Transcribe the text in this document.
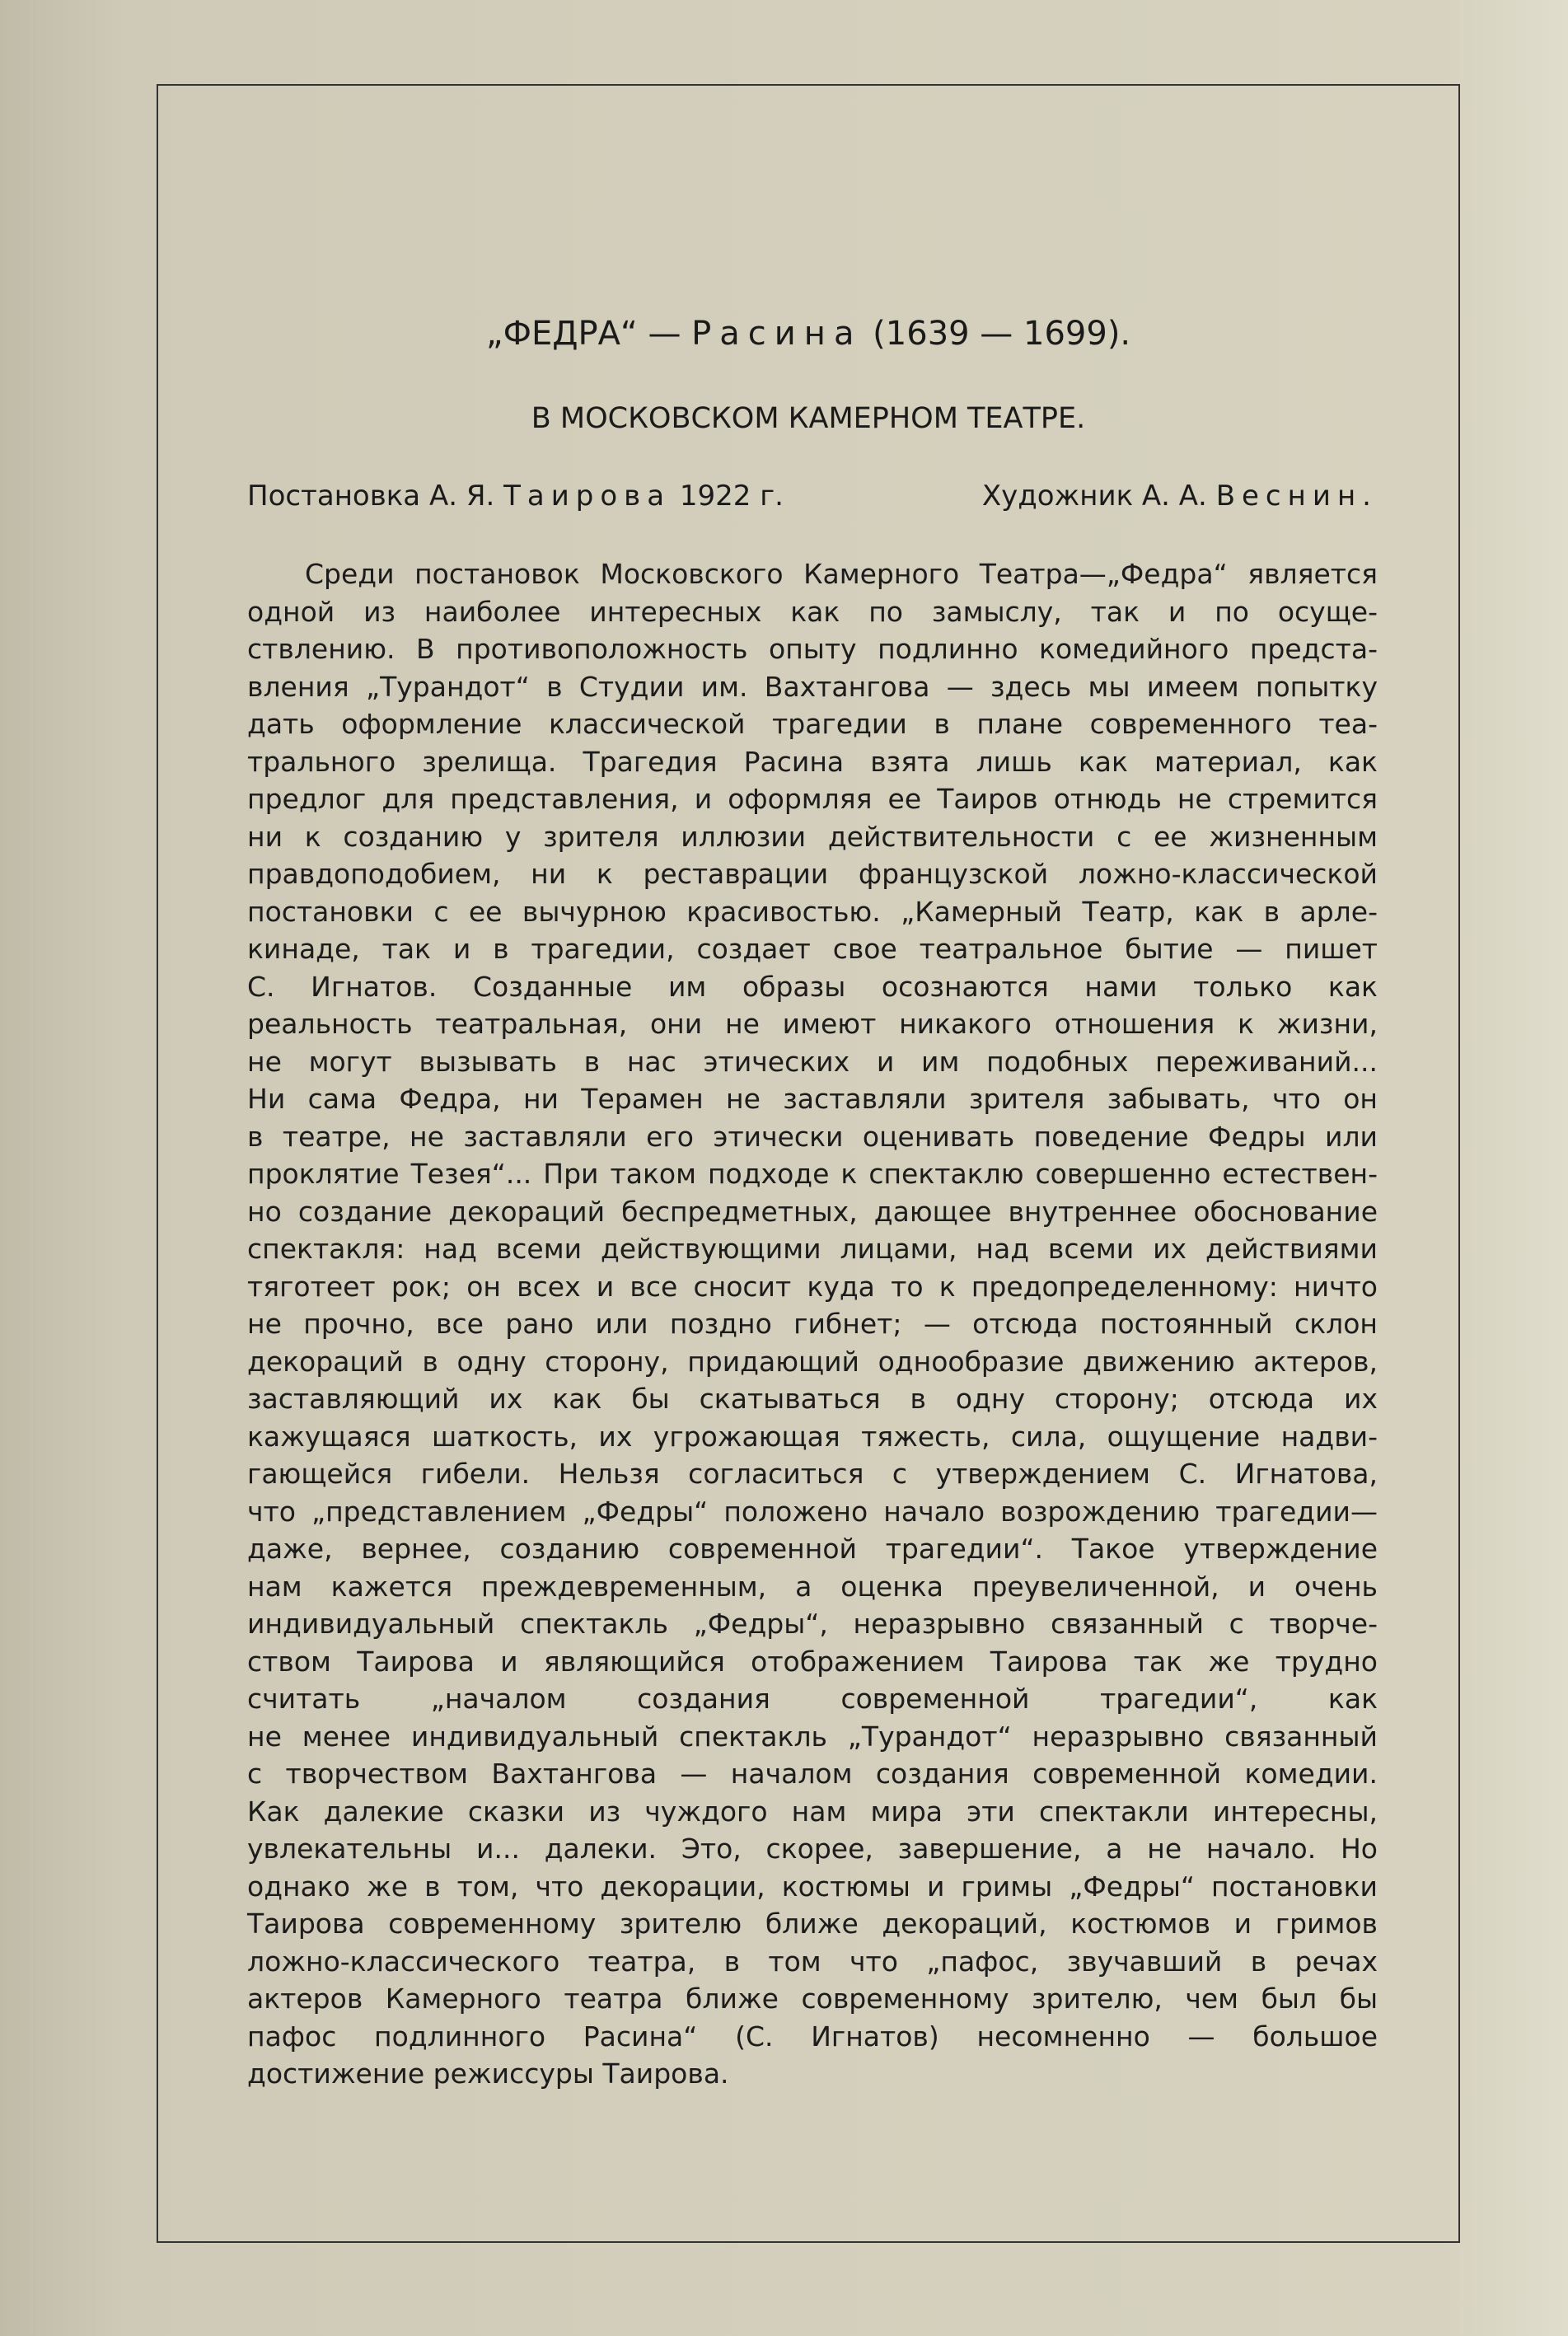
„ФЕДРА“ — Расина (1639 — 1699).
В МОСКОВСКОМ КАМЕРНОМ ТЕАТРЕ.
Постановка А. Я. Таирова 1922 г.	Художник А. А. Веснин.
Среди постановок Московского Камерного Театра—„Федра“ является
одной из наиболее интересных как по замыслу, так и по осуще-
ствлению. В противоположность опыту подлинно комедийного предста-
вления „Турандот“ в Студии им. Вахтангова — здесь мы имеем попытку
дать оформление классической трагедии в плане современного теа-
трального зрелища. Трагедия Расина взята лишь как материал, как
предлог для представления, и оформляя ее Таиров отнюдь не стремится
ни к созданию у зрителя иллюзии действительности с ее жизненным
правдоподобием, ни к реставрации французской ложно-классической
постановки с ее вычурною красивостью. „Камерный Театр, как в арле-
кинаде, так и в трагедии, создает свое театральное бытие — пишет
С. Игнатов. Созданные им образы осознаются нами только как
реальность театральная, они не имеют никакого отношения к жизни,
не могут вызывать в нас этических и им подобных переживаний...
Ни сама Федра, ни Терамен не заставляли зрителя забывать, что он
в театре, не заставляли его этически оценивать поведение Федры или
проклятие Тезея“... При таком подходе к спектаклю совершенно естествен-
но создание декораций беспредметных, дающее внутреннее обоснование
спектакля: над всеми действующими лицами, над всеми их действиями
тяготеет рок; он всех и все сносит куда то к предопределенному: ничто
не прочно, все рано или поздно гибнет; — отсюда постоянный склон
декораций в одну сторону, придающий однообразие движению актеров,
заставляющий их как бы скатываться в одну сторону; отсюда их
кажущаяся шаткость, их угрожающая тяжесть, сила, ощущение надви-
гающейся гибели. Нельзя согласиться с утверждением С. Игнатова,
что „представлением „Федры“ положено начало возрождению трагедии—
даже, вернее, созданию современной трагедии“. Такое утверждение
нам кажется преждевременным, а оценка преувеличенной, и очень
индивидуальный спектакль „Федры“, неразрывно связанный с творче-
ством Таирова и являющийся отображением Таирова так же трудно
считать „началом создания современной трагедии“, как
не менее индивидуальный спектакль „Турандот“ неразрывно связанный
с творчеством Вахтангова — началом создания современной комедии.
Как далекие сказки из чуждого нам мира эти спектакли интересны,
увлекательны и... далеки. Это, скорее, завершение, а не начало. Но
однако же в том, что декорации, костюмы и гримы „Федры“ постановки
Таирова современному зрителю ближе декораций, костюмов и гримов
ложно-классического театра, в том что „пафос, звучавший в речах
актеров Камерного театра ближе современному зрителю, чем был бы
пафос подлинного Расина“ (С. Игнатов) несомненно — большое
достижение режиссуры Таирова.
